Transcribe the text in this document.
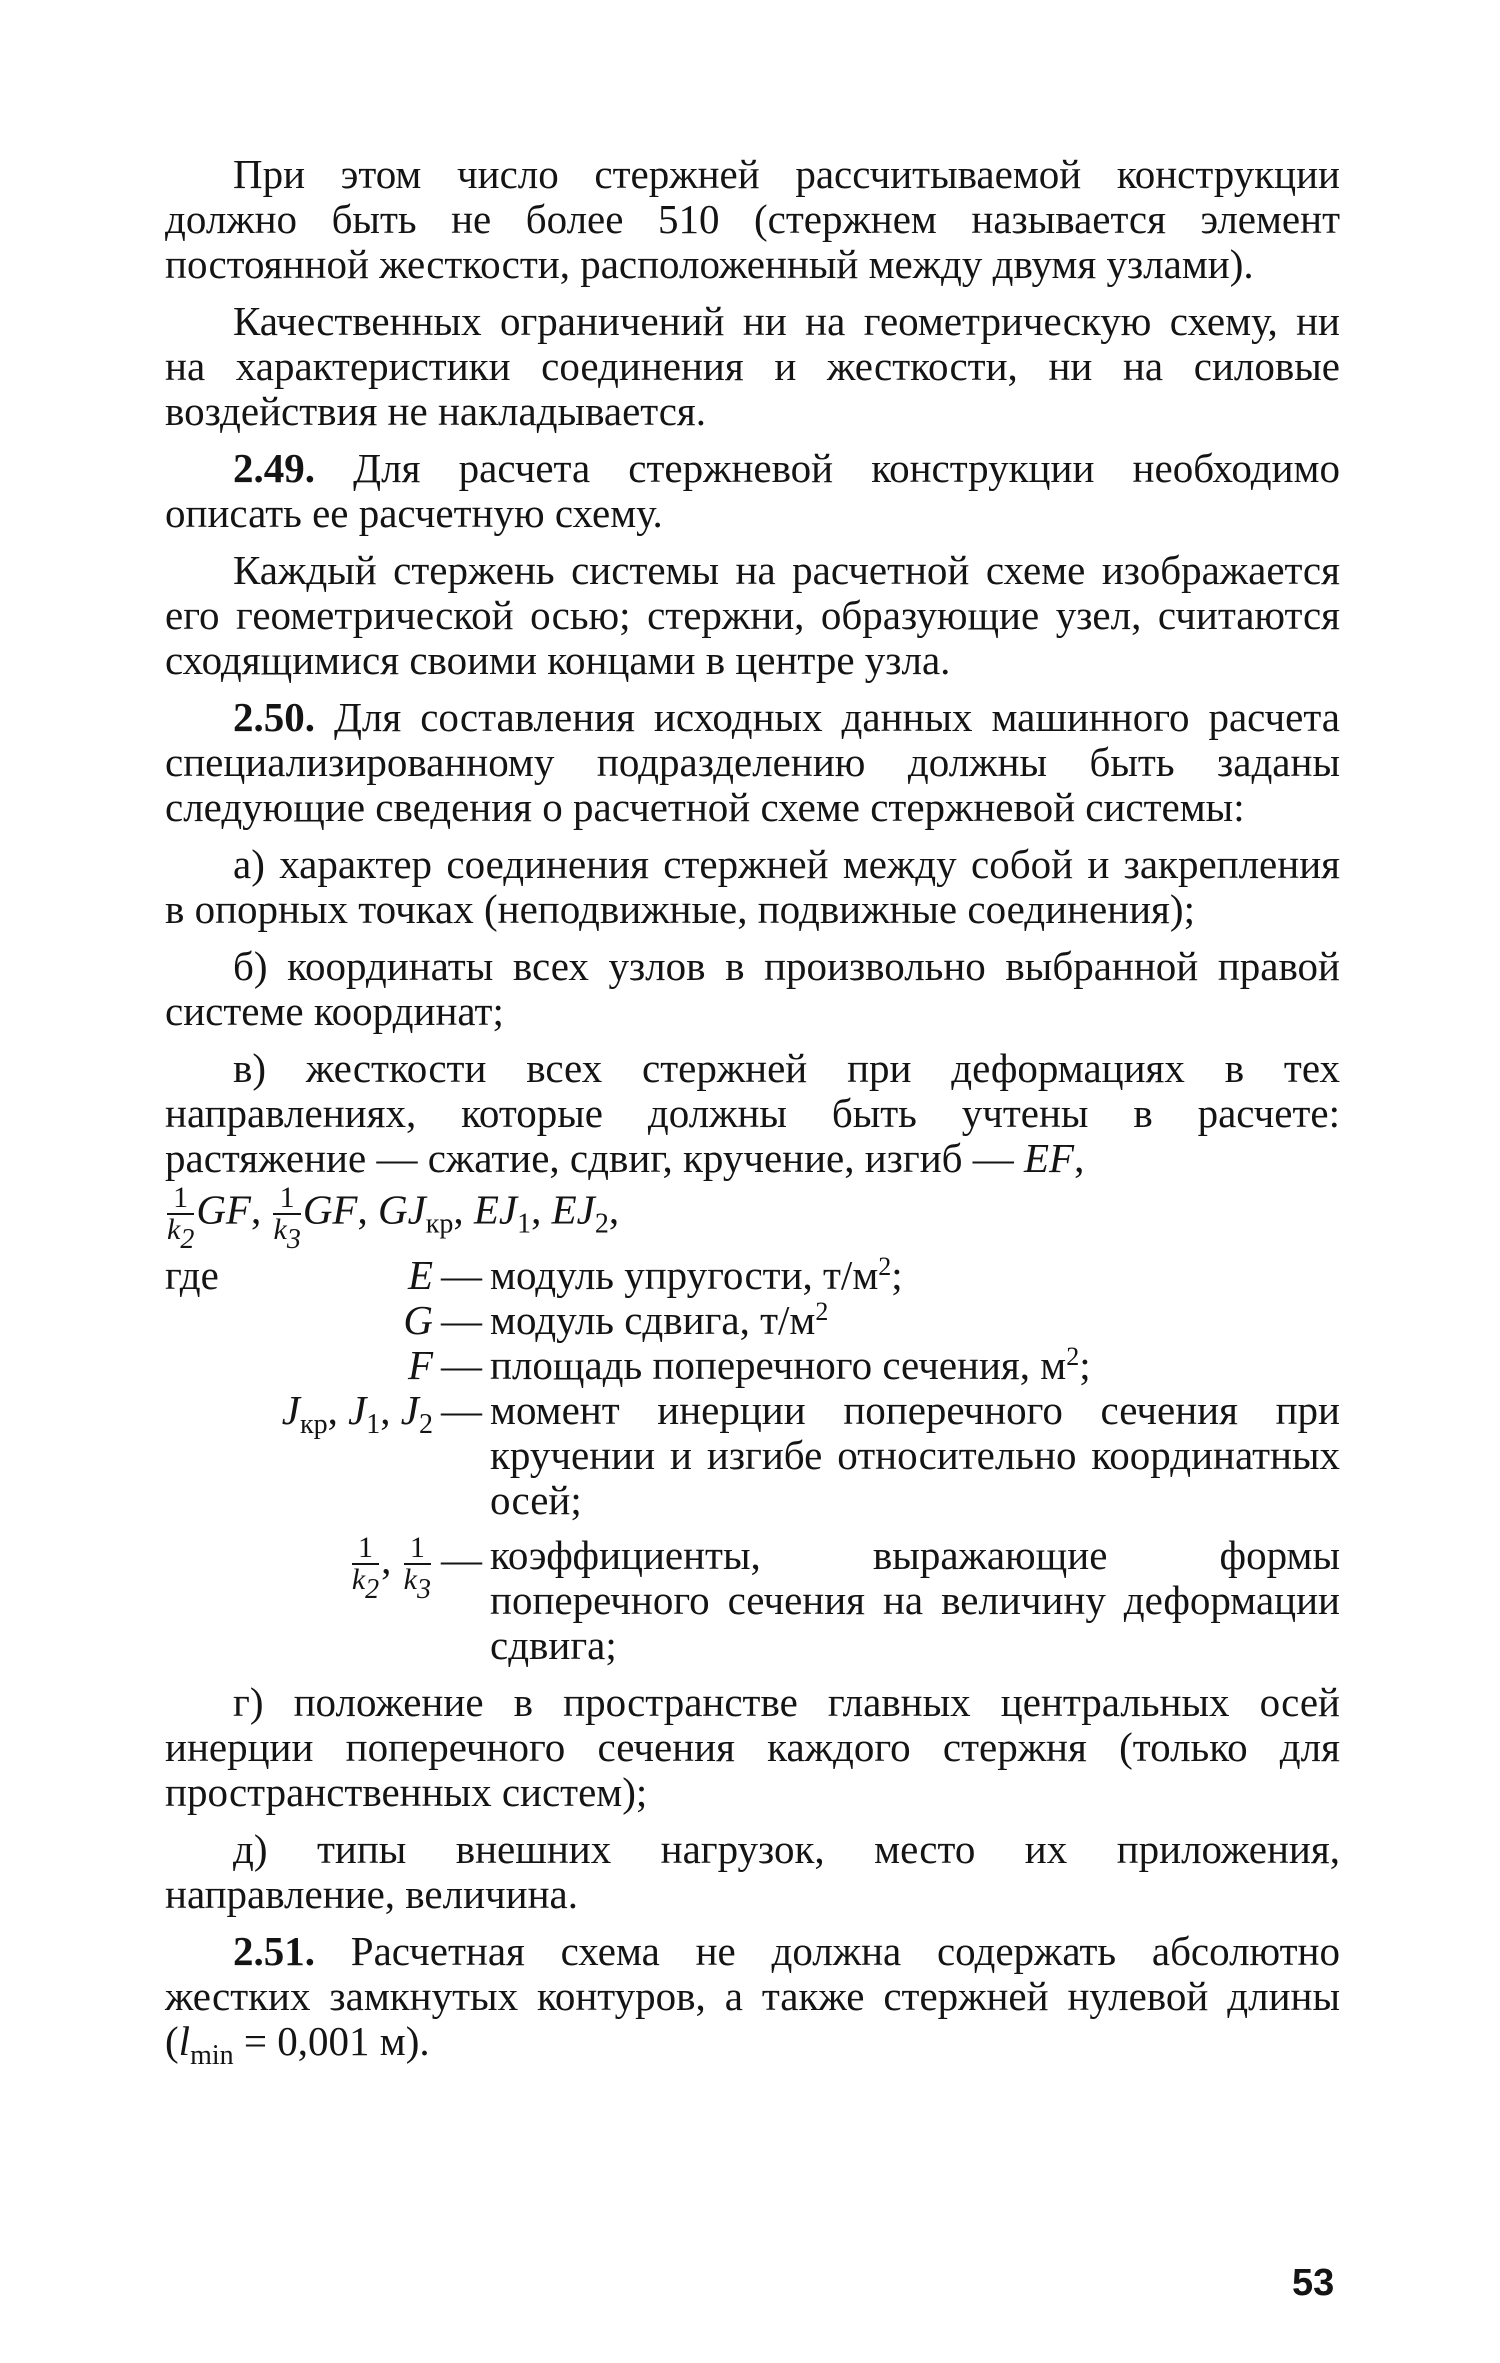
При этом число стержней рассчитываемой конструкции должно быть не более 510 (стержнем называется элемент постоянной жесткости, расположенный между двумя узлами).

Качественных ограничений ни на геометрическую схему, ни на характеристики соединения и жесткости, ни на силовые воздействия не накладывается.

2.49. Для расчета стержневой конструкции необходимо описать ее расчетную схему.

Каждый стержень системы на расчетной схеме изображается его геометрической осью; стержни, образующие узел, считаются сходящимися своими концами в центре узла.

2.50. Для составления исходных данных машинного расчета специализированному подразделению должны быть заданы следующие сведения о расчетной схеме стержневой системы:

а) характер соединения стержней между собой и закрепления в опорных точках (неподвижные, подвижные соединения);

б) координаты всех узлов в произвольно выбранной правой системе координат;

в) жесткости всех стержней при деформациях в тех направлениях, которые должны быть учтены в расчете: растяжение — сжатие, сдвиг, кручение, изгиб — EF,

$\frac{1}{k2}$ GF, $\frac{1}{k3}$ GF, $GJ_{кр}$, $EJ_1$, $EJ_2$,

где	E — модуль упругости, $т/м^2$;
G — модуль сдвига, $т/м^2$
F — площадь поперечного сечения, $м^2$;
$J_{кр}$, $J_1$, $J_2$ — момент инерции поперечного сечения при кручении и изгибе относительно координатных осей;
$\frac{1}{k2}$ , $\frac{1}{k3}$ — коэффициенты, выражающие формы поперечного сечения на величину деформации сдвига;

г) положение в пространстве главных центральных осей инерции поперечного сечения каждого стержня (только для пространственных систем);

д) типы внешних нагрузок, место их приложения, направление, величина.

2.51. Расчетная схема не должна содержать абсолютно жестких замкнутых контуров, а также стержней нулевой длины ($l_{min} = 0,001$ м).

53
